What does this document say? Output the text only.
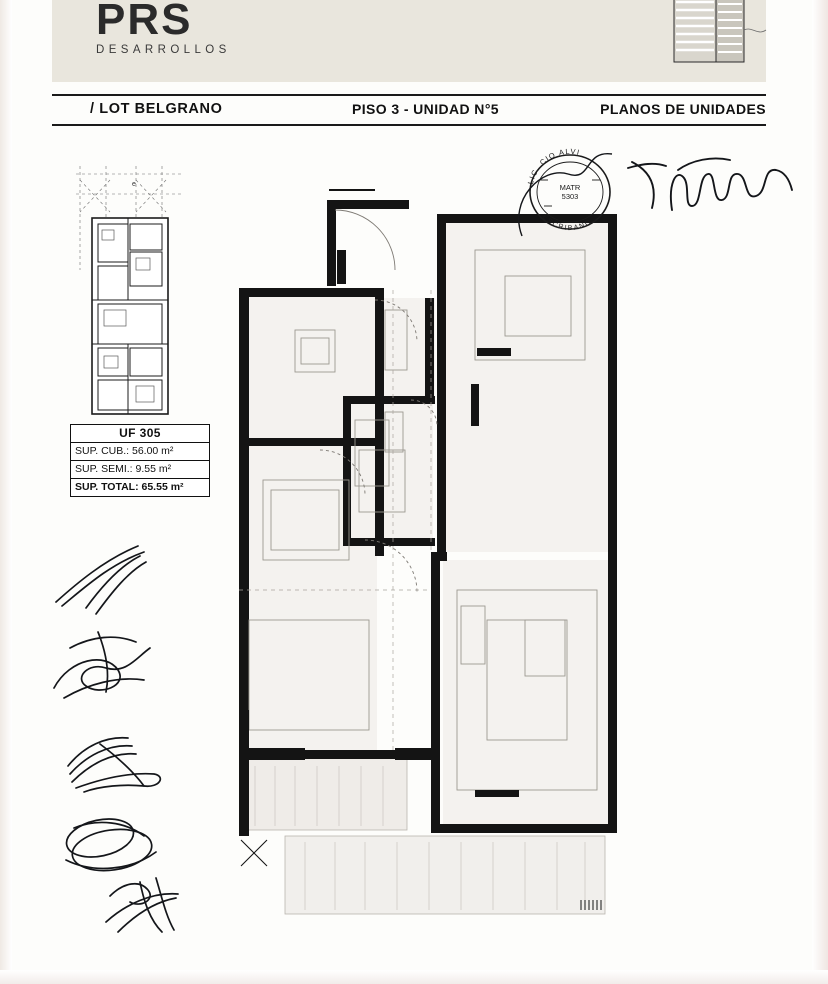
PRS
DESARROLLOS
/ LOT BELGRANO	PISO 3 - UNIDAD N°5	PLANOS DE UNIDADES
e
UF 305
SUP. CUB.: 56.00 m²
SUP. SEMI.: 9.55 m²
SUP. TOTAL: 65.55 m²
LIC. CIO ALVI
ESCRIBANO
MATR
5303
